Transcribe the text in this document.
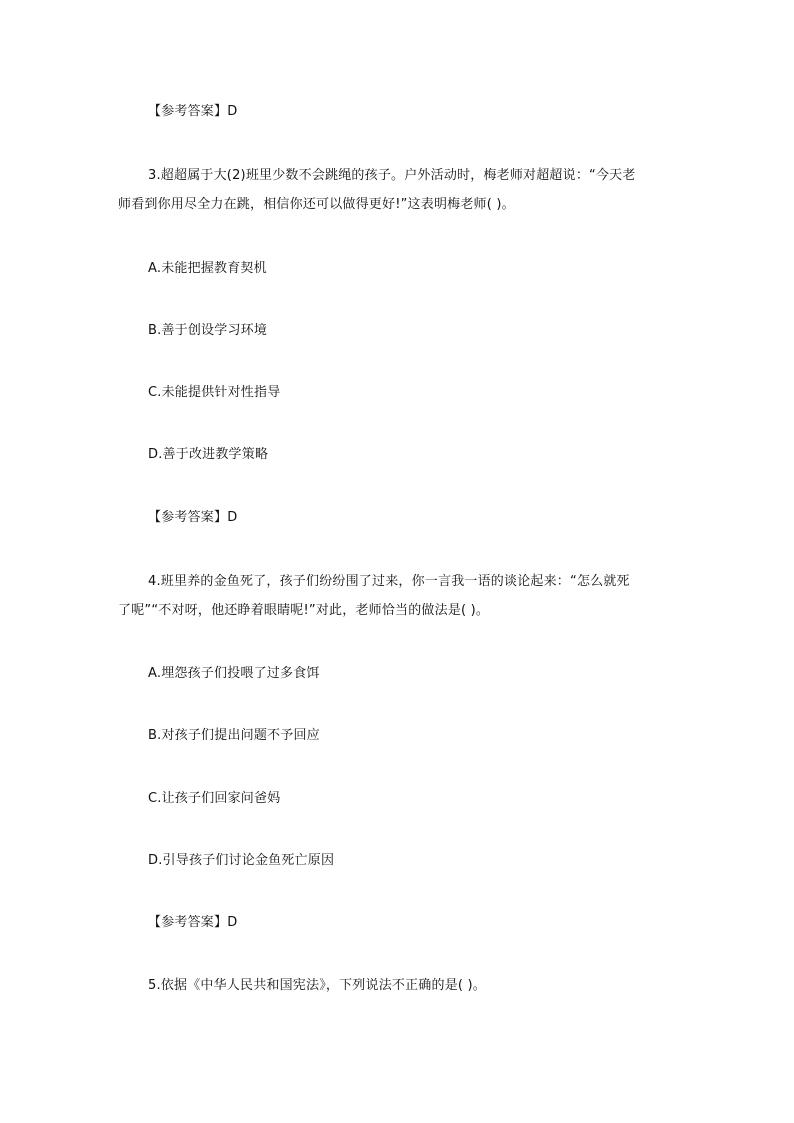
【参考答案】D
3.超超属于大(2)班里少数不会跳绳的孩子。户外活动时，梅老师对超超说：“今天老
师看到你用尽全力在跳，相信你还可以做得更好!”这表明梅老师( )。
A.未能把握教育契机
B.善于创设学习环境
C.未能提供针对性指导
D.善于改进教学策略
【参考答案】D
4.班里养的金鱼死了，孩子们纷纷围了过来，你一言我一语的谈论起来：“怎么就死
了呢”“不对呀，他还睁着眼睛呢!”对此，老师恰当的做法是( )。
A.埋怨孩子们投喂了过多食饵
B.对孩子们提出问题不予回应
C.让孩子们回家问爸妈
D.引导孩子们讨论金鱼死亡原因
【参考答案】D
5.依据《中华人民共和国宪法》，下列说法不正确的是( )。
